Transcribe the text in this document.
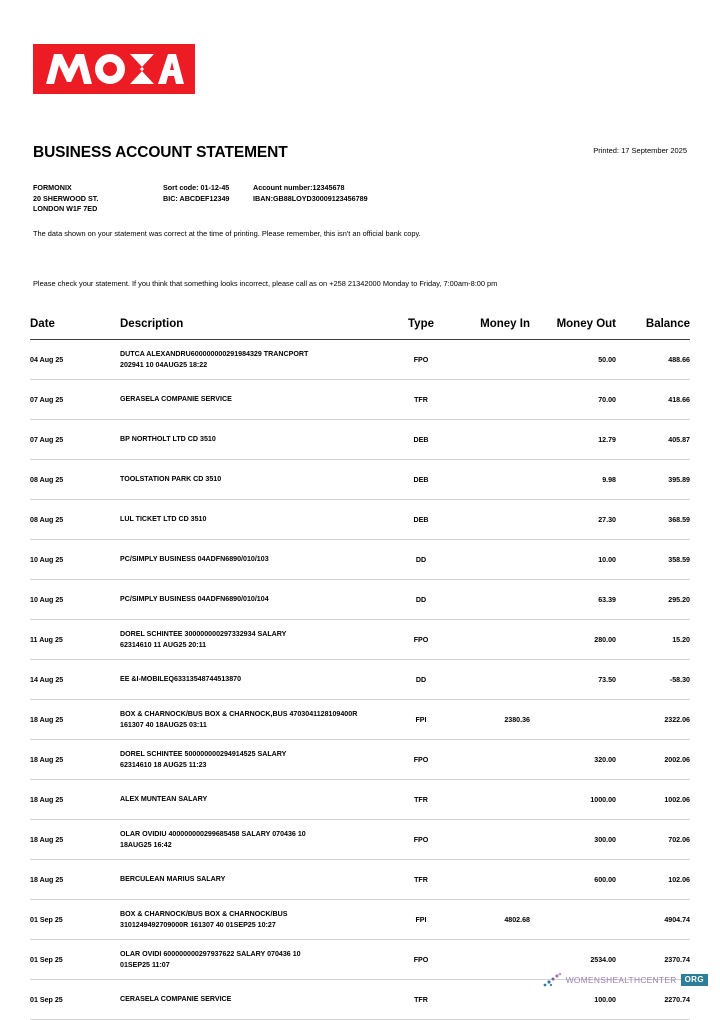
BUSINESS ACCOUNT STATEMENT	Printed: 17 September 2025
FORMONIX
20 SHERWOOD ST.
LONDON W1F 7ED
Sort code: 01-12-45	Account number:12345678
BIC: ABCDEF12349	IBAN:GB88LOYD30009123456789
The data shown on your statement was correct at the time of printing. Please remember, this isn't an official bank copy.
Please check your statement. If you think that something looks incorrect, please call as on +258 21342000 Monday to Friday, 7:00am-8:00 pm
Date	Description	Type	Money In	Money Out	Balance
04 Aug 25	DUTCA ALEXANDRU600000000291984329 TRANCPORT
202941 10 04AUG25 18:22	FPO		50.00	488.66
07 Aug 25	GERASELA COMPANIE SERVICE	TFR		70.00	418.66
07 Aug 25	BP NORTHOLT LTD CD 3510	DEB		12.79	405.87
08 Aug 25	TOOLSTATION PARK CD 3510	DEB		9.98	395.89
08 Aug 25	LUL TICKET LTD CD 3510	DEB		27.30	368.59
10 Aug 25	PC/SIMPLY BUSINESS 04ADFN6890/010/103	DD		10.00	358.59
10 Aug 25	PC/SIMPLY BUSINESS 04ADFN6890/010/104	DD		63.39	295.20
11 Aug 25	DOREL SCHINTEE 300000000297332934 SALARY
62314610 11 AUG25 20:11	FPO		280.00	15.20
14 Aug 25	EE &I-MOBILEQ63313548744513870	DD		73.50	-58.30
18 Aug 25	BOX & CHARNOCK/BUS BOX & CHARNOCK,BUS 4703041128109400R
161307 40 18AUG25 03:11	FPI	2380.36		2322.06
18 Aug 25	DOREL SCHINTEE 500000000294914525 SALARY
62314610 18 AUG25 11:23	FPO		320.00	2002.06
18 Aug 25	ALEX MUNTEAN SALARY	TFR		1000.00	1002.06
18 Aug 25	OLAR OVIDIU 400000000299685458 SALARY 070436 10
18AUG25 16:42	FPO		300.00	702.06
18 Aug 25	BERCULEAN MARIUS SALARY	TFR		600.00	102.06
01 Sep 25	BOX & CHARNOCK/BUS BOX & CHARNOCK/BUS
3101249492709000R 161307 40 01SEP25 10:27	FPI	4802.68		4904.74
01 Sep 25	OLAR OVIDI 600000000297937622 SALARY 070436 10
01SEP25 11:07	FPO		2534.00	2370.74
01 Sep 25	CERASELA COMPANIE SERVICE	TFR		100.00	2270.74
WOMENSHEALTHCENTER	ORG
